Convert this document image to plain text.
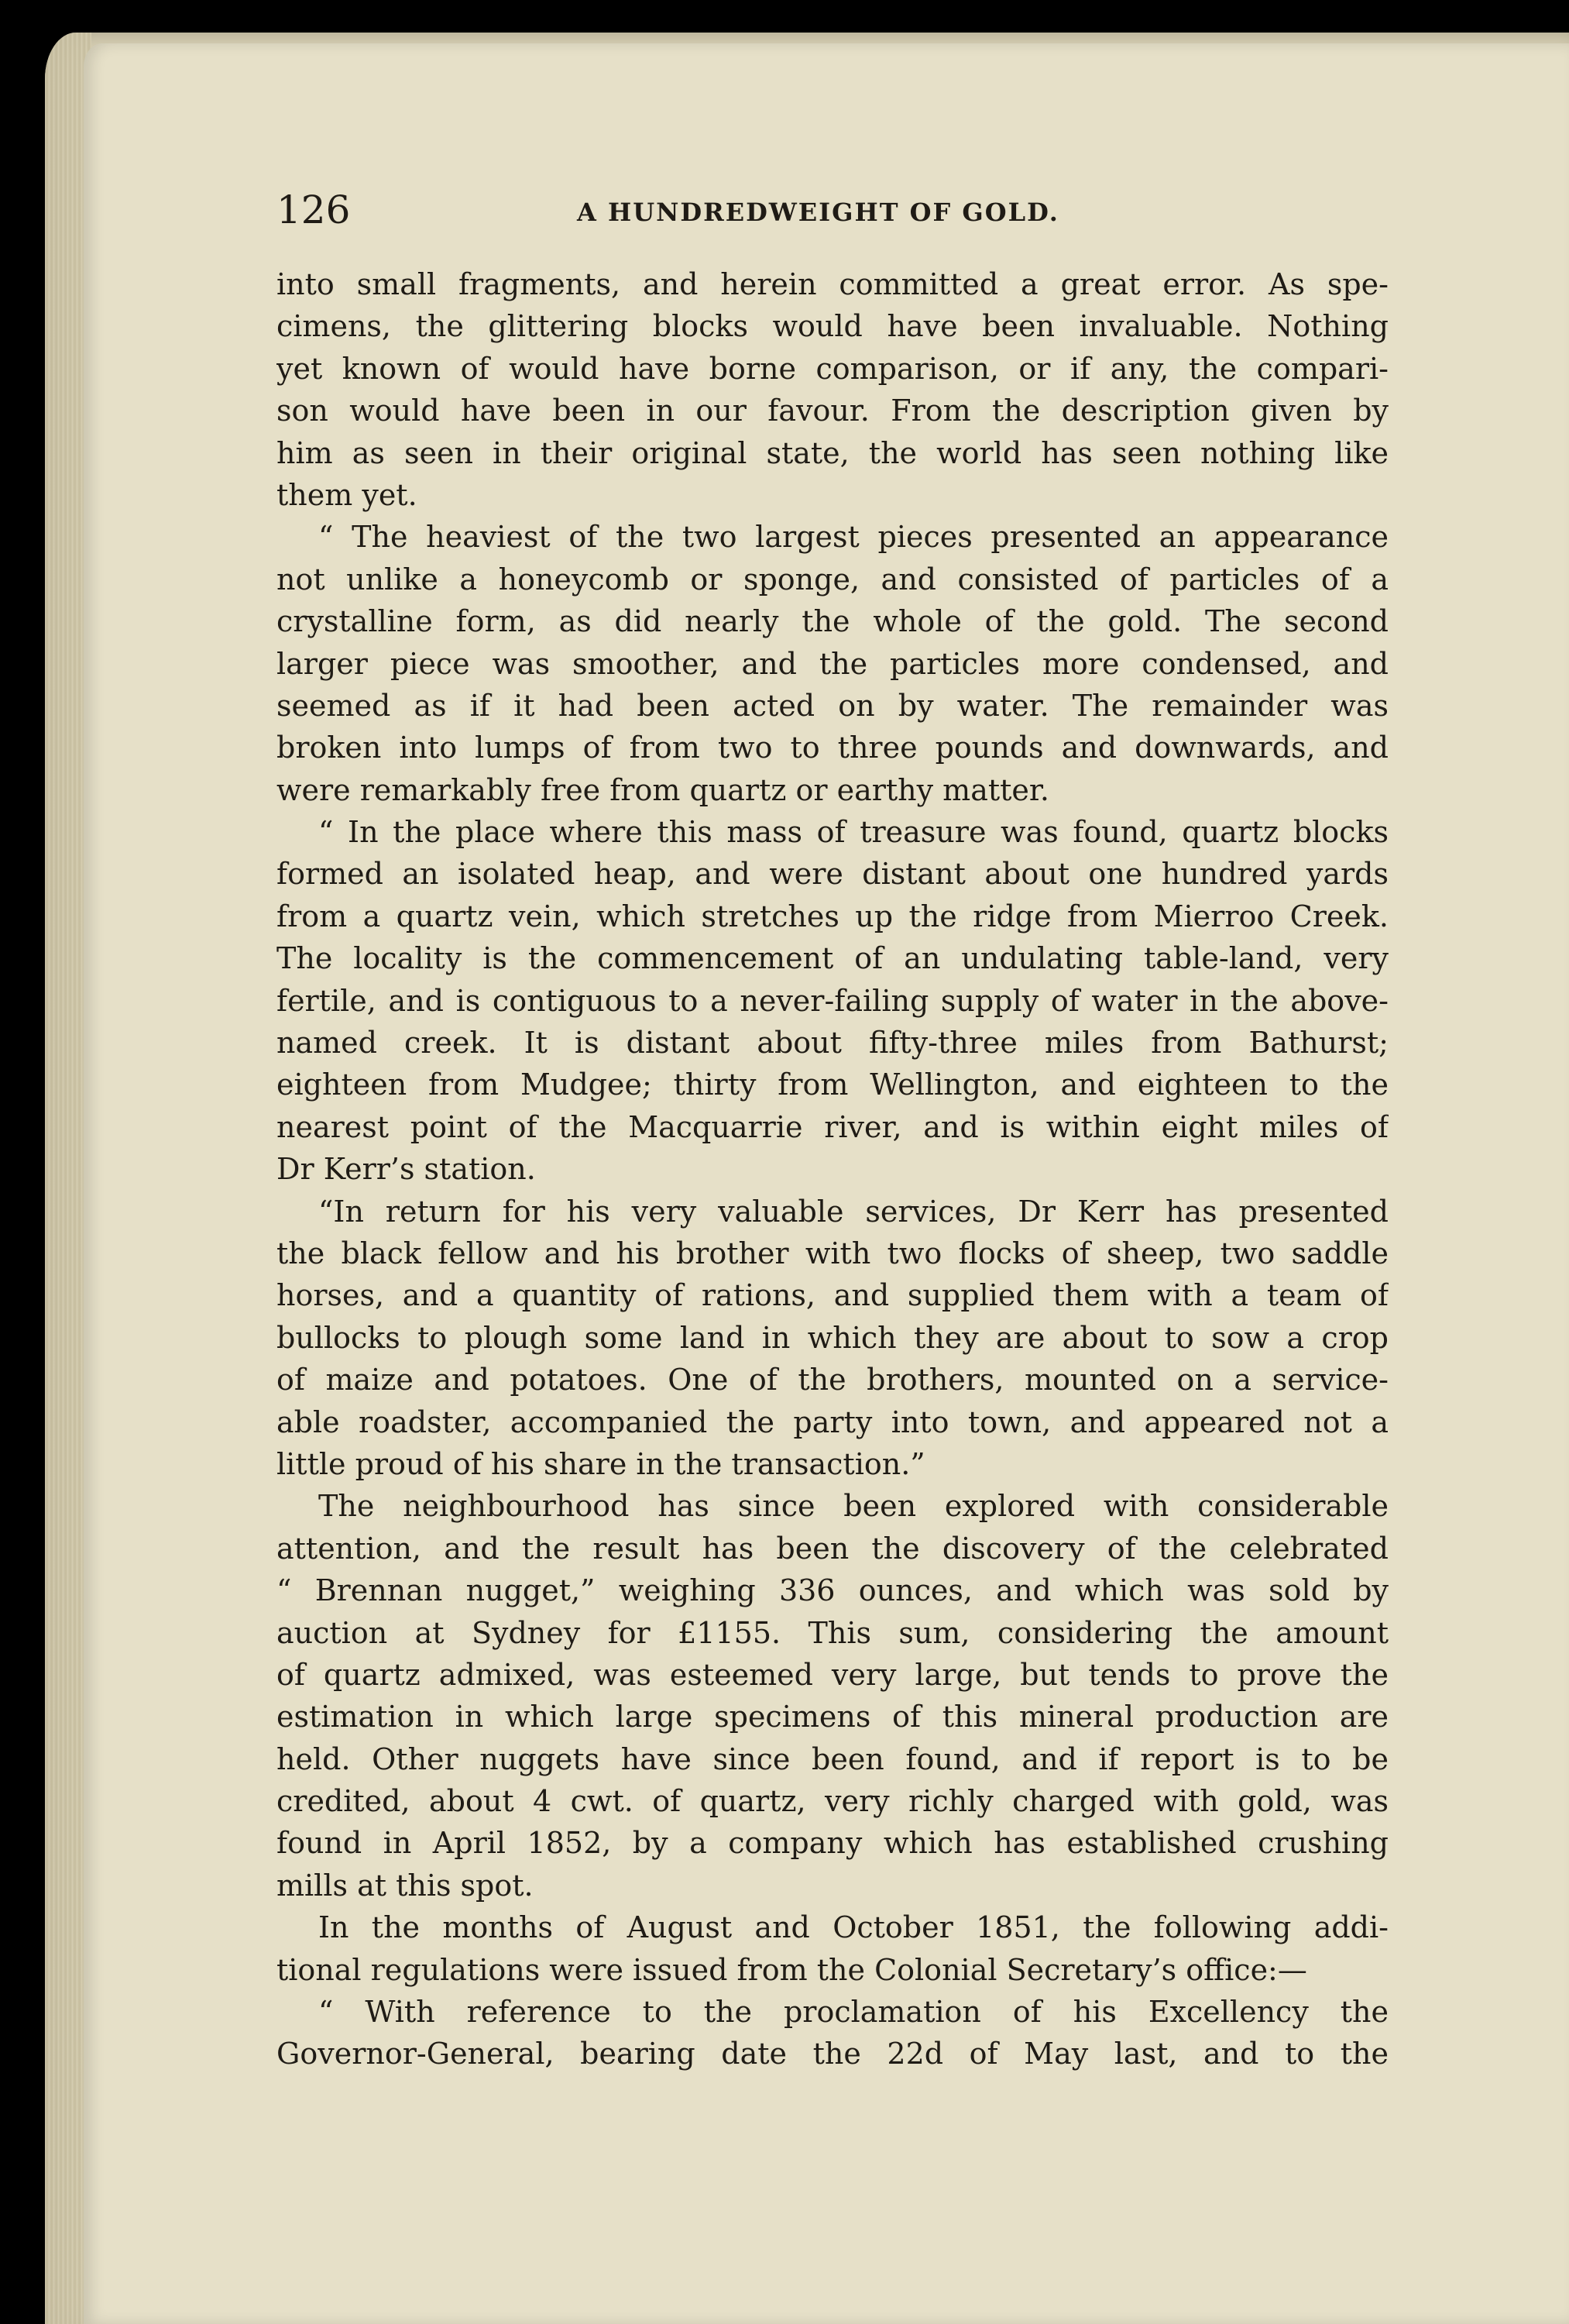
126	A HUNDREDWEIGHT OF GOLD.
into small fragments, and herein committed a great error. As spe-
cimens, the glittering blocks would have been invaluable. Nothing
yet known of would have borne comparison, or if any, the compari-
son would have been in our favour. From the description given by
him as seen in their original state, the world has seen nothing like
them yet.
“ The heaviest of the two largest pieces presented an appearance
not unlike a honeycomb or sponge, and consisted of particles of a
crystalline form, as did nearly the whole of the gold. The second
larger piece was smoother, and the particles more condensed, and
seemed as if it had been acted on by water. The remainder was
broken into lumps of from two to three pounds and downwards, and
were remarkably free from quartz or earthy matter.
“ In the place where this mass of treasure was found, quartz blocks
formed an isolated heap, and were distant about one hundred yards
from a quartz vein, which stretches up the ridge from Mierroo Creek.
The locality is the commencement of an undulating table-land, very
fertile, and is contiguous to a never-failing supply of water in the above-
named creek. It is distant about fifty-three miles from Bathurst;
eighteen from Mudgee; thirty from Wellington, and eighteen to the
nearest point of the Macquarrie river, and is within eight miles of
Dr Kerr’s station.
“In return for his very valuable services, Dr Kerr has presented
the black fellow and his brother with two flocks of sheep, two saddle
horses, and a quantity of rations, and supplied them with a team of
bullocks to plough some land in which they are about to sow a crop
of maize and potatoes. One of the brothers, mounted on a service-
able roadster, accompanied the party into town, and appeared not a
little proud of his share in the transaction.”
The neighbourhood has since been explored with considerable
attention, and the result has been the discovery of the celebrated
“ Brennan nugget,” weighing 336 ounces, and which was sold by
auction at Sydney for £1155. This sum, considering the amount
of quartz admixed, was esteemed very large, but tends to prove the
estimation in which large specimens of this mineral production are
held. Other nuggets have since been found, and if report is to be
credited, about 4 cwt. of quartz, very richly charged with gold, was
found in April 1852, by a company which has established crushing
mills at this spot.
In the months of August and October 1851, the following addi-
tional regulations were issued from the Colonial Secretary’s office:—
“ With reference to the proclamation of his Excellency the
Governor-General, bearing date the 22d of May last, and to the
